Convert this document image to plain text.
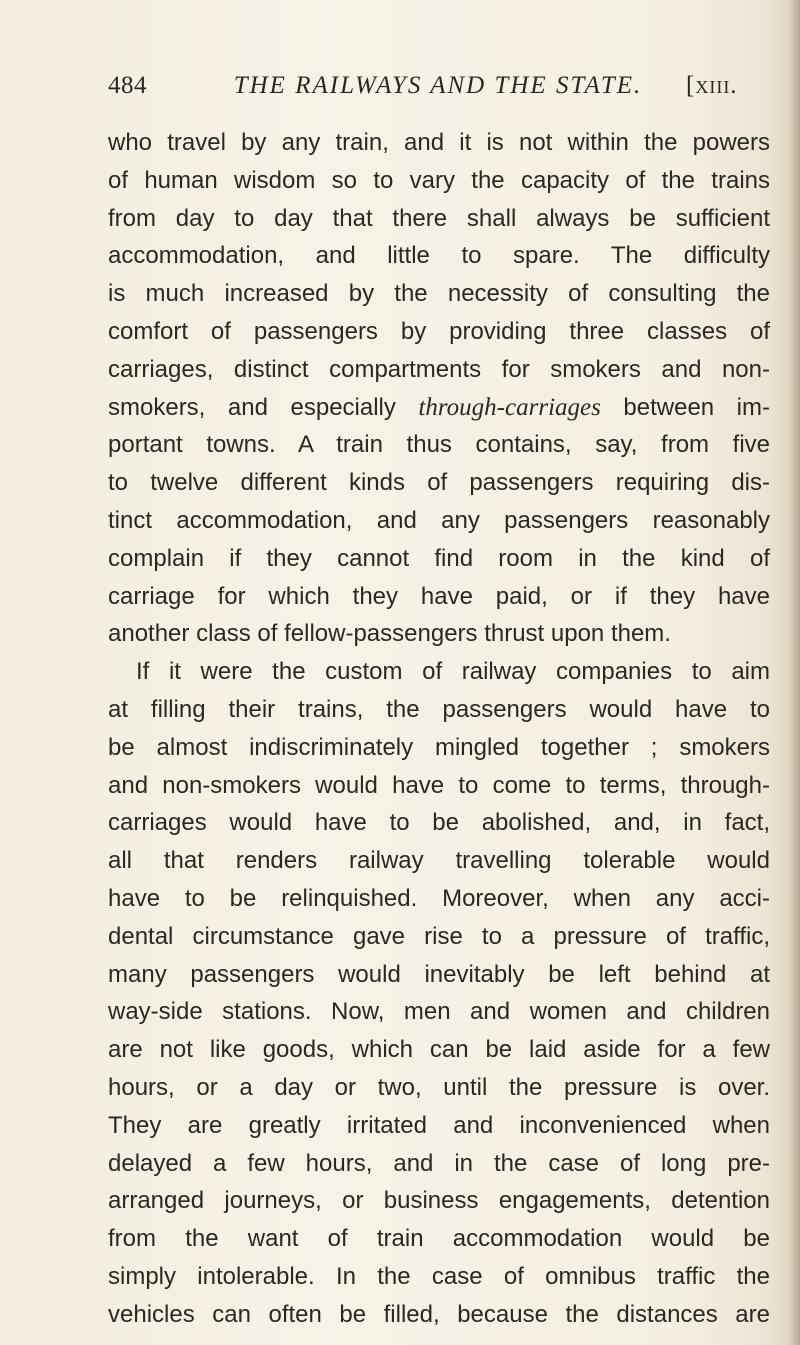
484	THE RAILWAYS AND THE STATE.	[xiii.
who travel by any train, and it is not within the powers
of human wisdom so to vary the capacity of the trains
from day to day that there shall always be sufficient
accommodation, and little to spare. The difficulty
is much increased by the necessity of consulting the
comfort of passengers by providing three classes of
carriages, distinct compartments for smokers and non-
smokers, and especially through-carriages between im-
portant towns. A train thus contains, say, from five
to twelve different kinds of passengers requiring dis-
tinct accommodation, and any passengers reasonably
complain if they cannot find room in the kind of
carriage for which they have paid, or if they have
another class of fellow-passengers thrust upon them.
If it were the custom of railway companies to aim
at filling their trains, the passengers would have to
be almost indiscriminately mingled together ; smokers
and non-smokers would have to come to terms, through-
carriages would have to be abolished, and, in fact,
all that renders railway travelling tolerable would
have to be relinquished. Moreover, when any acci-
dental circumstance gave rise to a pressure of traffic,
many passengers would inevitably be left behind at
way-side stations. Now, men and women and children
are not like goods, which can be laid aside for a few
hours, or a day or two, until the pressure is over.
They are greatly irritated and inconvenienced when
delayed a few hours, and in the case of long pre-
arranged journeys, or business engagements, detention
from the want of train accommodation would be
simply intolerable. In the case of omnibus traffic the
vehicles can often be filled, because the distances are
